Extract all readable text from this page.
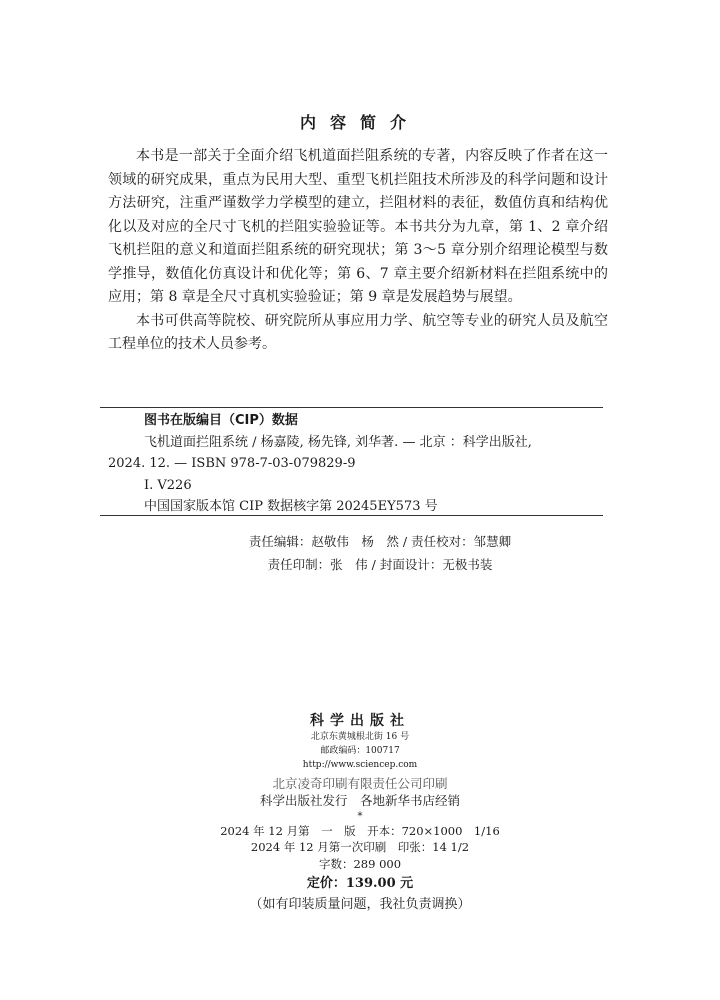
内容简介

本书是一部关于全面介绍飞机道面拦阻系统的专著，内容反映了作者在这一领域的研究成果，重点为民用大型、重型飞机拦阻技术所涉及的科学问题和设计方法研究，注重严谨数学力学模型的建立，拦阻材料的表征，数值仿真和结构优化以及对应的全尺寸飞机的拦阻实验验证等。本书共分为九章，第 1、2 章介绍飞机拦阻的意义和道面拦阻系统的研究现状；第 3～5 章分别介绍理论模型与数学推导，数值化仿真设计和优化等；第 6、7 章主要介绍新材料在拦阻系统中的应用；第 8 章是全尺寸真机实验验证；第 9 章是发展趋势与展望。

本书可供高等院校、研究院所从事应用力学、航空等专业的研究人员及航空工程单位的技术人员参考。

图书在版编目（CIP）数据
飞机道面拦阻系统 / 杨嘉陵, 杨先锋, 刘华著. — 北京 ：科学出版社,
2024. 12. — ISBN 978-7-03-079829-9
Ⅰ. V226
中国国家版本馆 CIP 数据核字第 20245EY573 号
责任编辑：赵敬伟　杨　然 / 责任校对：邹慧卿
责任印制：张　伟 / 封面设计：无极书装
科学出版社
北京东黄城根北街 16 号
邮政编码：100717
http://www.sciencep.com
北京凌奇印刷有限责任公司印刷
科学出版社发行　各地新华书店经销
*
2024 年 12 月第　一　版　开本：720×1000　1/16
2024 年 12 月第一次印刷　印张：14 1/2
字数：289 000
定价：139.00 元
（如有印装质量问题，我社负责调换）
